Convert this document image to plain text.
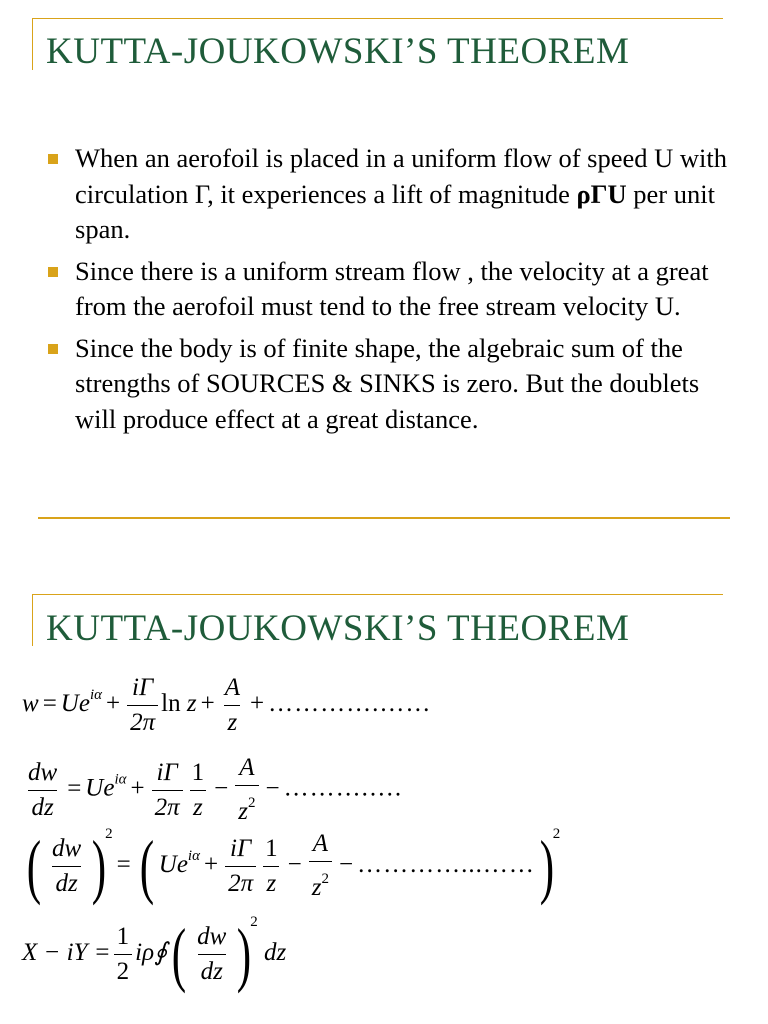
KUTTA-JOUKOWSKI’S THEOREM
When an aerofoil is placed in a uniform flow of speed U with circulation Γ, it experiences a lift of magnitude ρΓU per unit span.
Since there is a uniform stream flow , the velocity at a great from the aerofoil must tend to the free stream velocity U.
Since the body is of finite shape, the algebraic sum of the strengths of SOURCES & SINKS is zero. But the doublets will produce effect at a great distance.
KUTTA-JOUKOWSKI’S THEOREM
$w = Ue^{i\alpha} + \frac{i\Gamma}{2\pi}$ $\ln z + \frac{A}{z}$ + ………….……
$\frac{dw}{dz} = Ue^{i\alpha} + \frac{i\Gamma}{2\pi} \frac{1}{z} - \frac{A}{z^2}$ − ……….….
( $\frac{dw}{dz} )^2=$ ( $Ue^{i\alpha} + \frac{i\Gamma}{2\pi} \frac{1}{z} - \frac{A}{z^2}$ − …………...……)$^2$
X − iY = $\frac{1}{2}$ iρ∮( $\frac{dw}{dz} )^2$ dz
